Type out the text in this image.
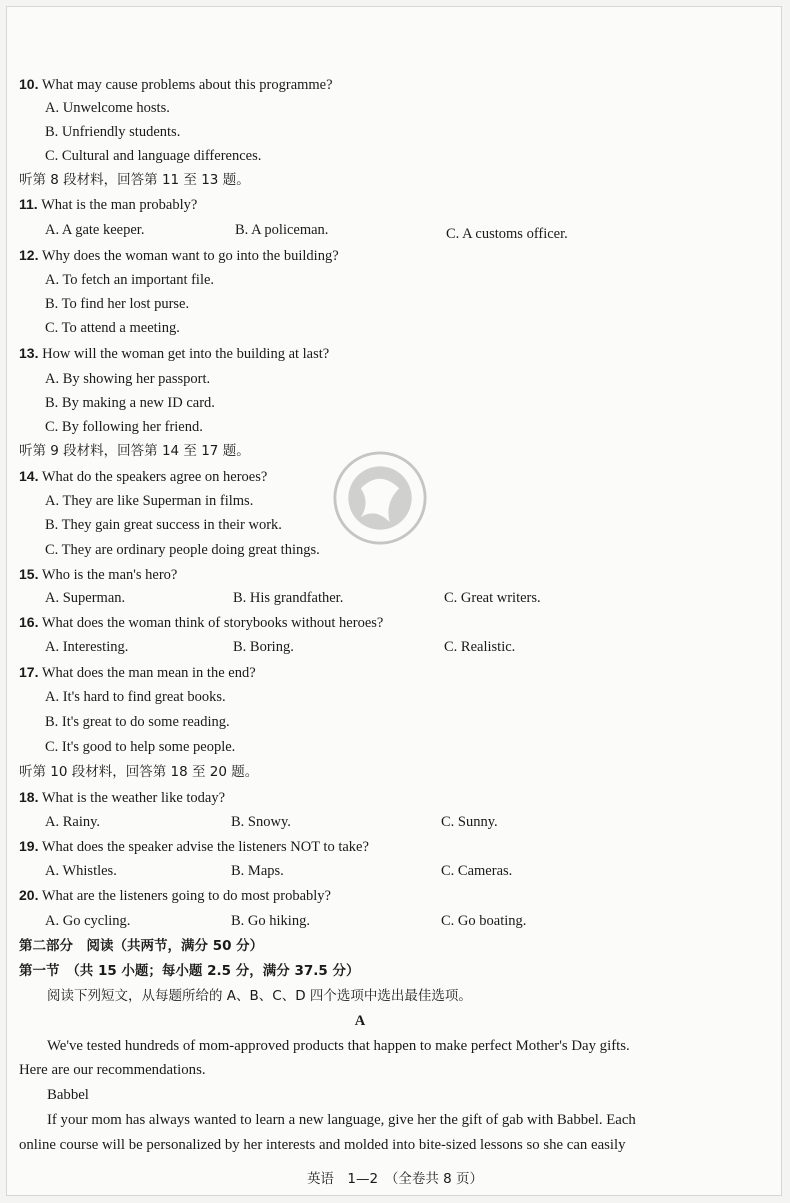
10. What may cause problems about this programme?
A. Unwelcome hosts.
B. Unfriendly students.
C. Cultural and language differences.
听第 8 段材料，回答第 11 至 13 题。
11. What is the man probably?
A. A gate keeper.	B. A policeman.	C. A customs officer.
12. Why does the woman want to go into the building?
A. To fetch an important file.
B. To find her lost purse.
C. To attend a meeting.
13. How will the woman get into the building at last?
A. By showing her passport.
B. By making a new ID card.
C. By following her friend.
听第 9 段材料，回答第 14 至 17 题。
14. What do the speakers agree on heroes?
A. They are like Superman in films.
B. They gain great success in their work.
C. They are ordinary people doing great things.
15. Who is the man's hero?
A. Superman.	B. His grandfather.	C. Great writers.
16. What does the woman think of storybooks without heroes?
A. Interesting.	B. Boring.	C. Realistic.
17. What does the man mean in the end?
A. It's hard to find great books.
B. It's great to do some reading.
C. It's good to help some people.
听第 10 段材料，回答第 18 至 20 题。
18. What is the weather like today?
A. Rainy.	B. Snowy.	C. Sunny.
19. What does the speaker advise the listeners NOT to take?
A. Whistles.	B. Maps.	C. Cameras.
20. What are the listeners going to do most probably?
A. Go cycling.	B. Go hiking.	C. Go boating.
第二部分　阅读（共两节，满分 50 分）
第一节　（共 15 小题；每小题 2.5 分，满分 37.5 分）
阅读下列短文，从每题所给的 A、B、C、D 四个选项中选出最佳选项。
A
We've tested hundreds of mom-approved products that happen to make perfect Mother's Day gifts.
Here are our recommendations.
Babbel
If your mom has always wanted to learn a new language, give her the gift of gab with Babbel. Each
online course will be personalized by her interests and molded into bite-sized lessons so she can easily
英语　1—2　（全卷共 8 页）
